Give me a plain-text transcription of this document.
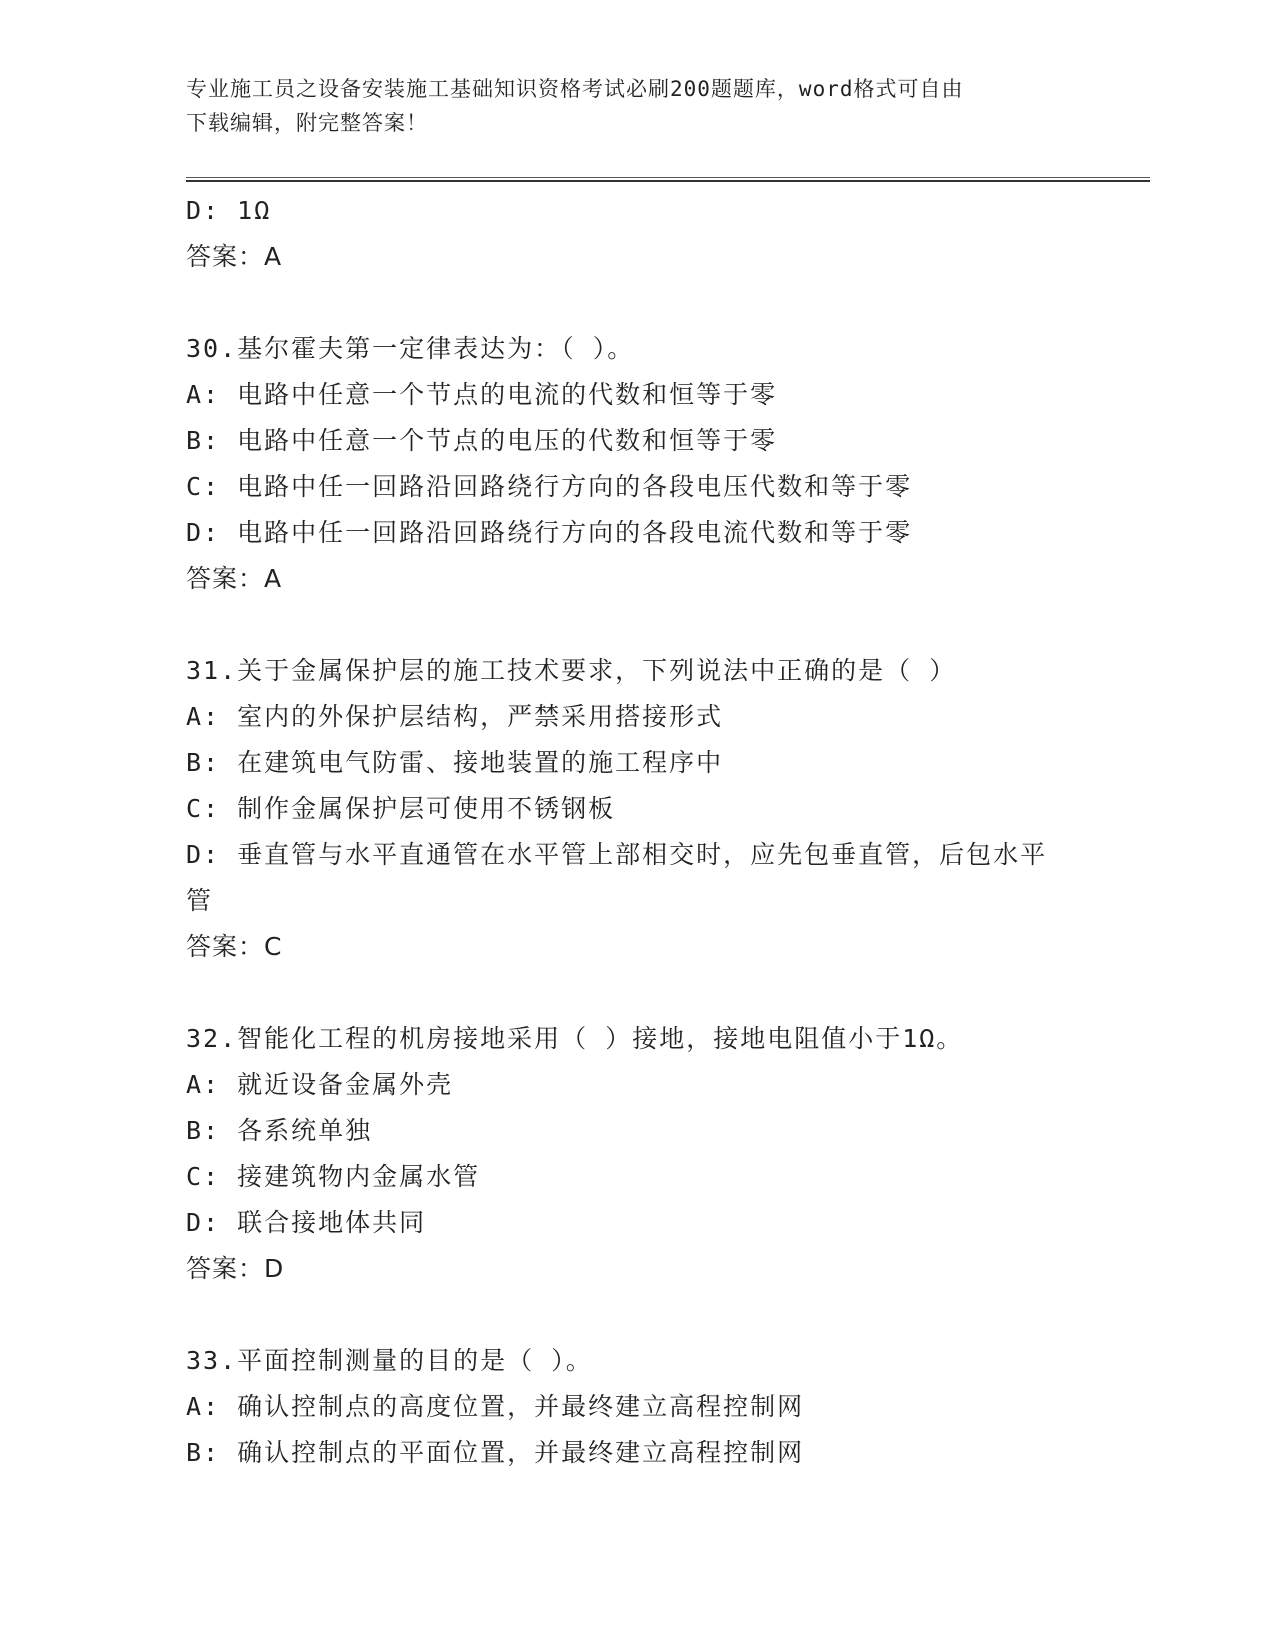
专业施工员之设备安装施工基础知识资格考试必刷200题题库，word格式可自由
下载编辑，附完整答案！
D: 1Ω
答案：A
30.基尔霍夫第一定律表达为：（ ）。
A: 电路中任意一个节点的电流的代数和恒等于零
B: 电路中任意一个节点的电压的代数和恒等于零
C: 电路中任一回路沿回路绕行方向的各段电压代数和等于零
D: 电路中任一回路沿回路绕行方向的各段电流代数和等于零
答案：A
31.关于金属保护层的施工技术要求，下列说法中正确的是（ ）
A: 室内的外保护层结构，严禁采用搭接形式
B: 在建筑电气防雷、接地装置的施工程序中
C: 制作金属保护层可使用不锈钢板
D: 垂直管与水平直通管在水平管上部相交时，应先包垂直管，后包水平管
答案：C
32.智能化工程的机房接地采用（ ）接地，接地电阻值小于1Ω。
A: 就近设备金属外壳
B: 各系统单独
C: 接建筑物内金属水管
D: 联合接地体共同
答案：D
33.平面控制测量的目的是（ ）。
A: 确认控制点的高度位置，并最终建立高程控制网
B: 确认控制点的平面位置，并最终建立高程控制网
